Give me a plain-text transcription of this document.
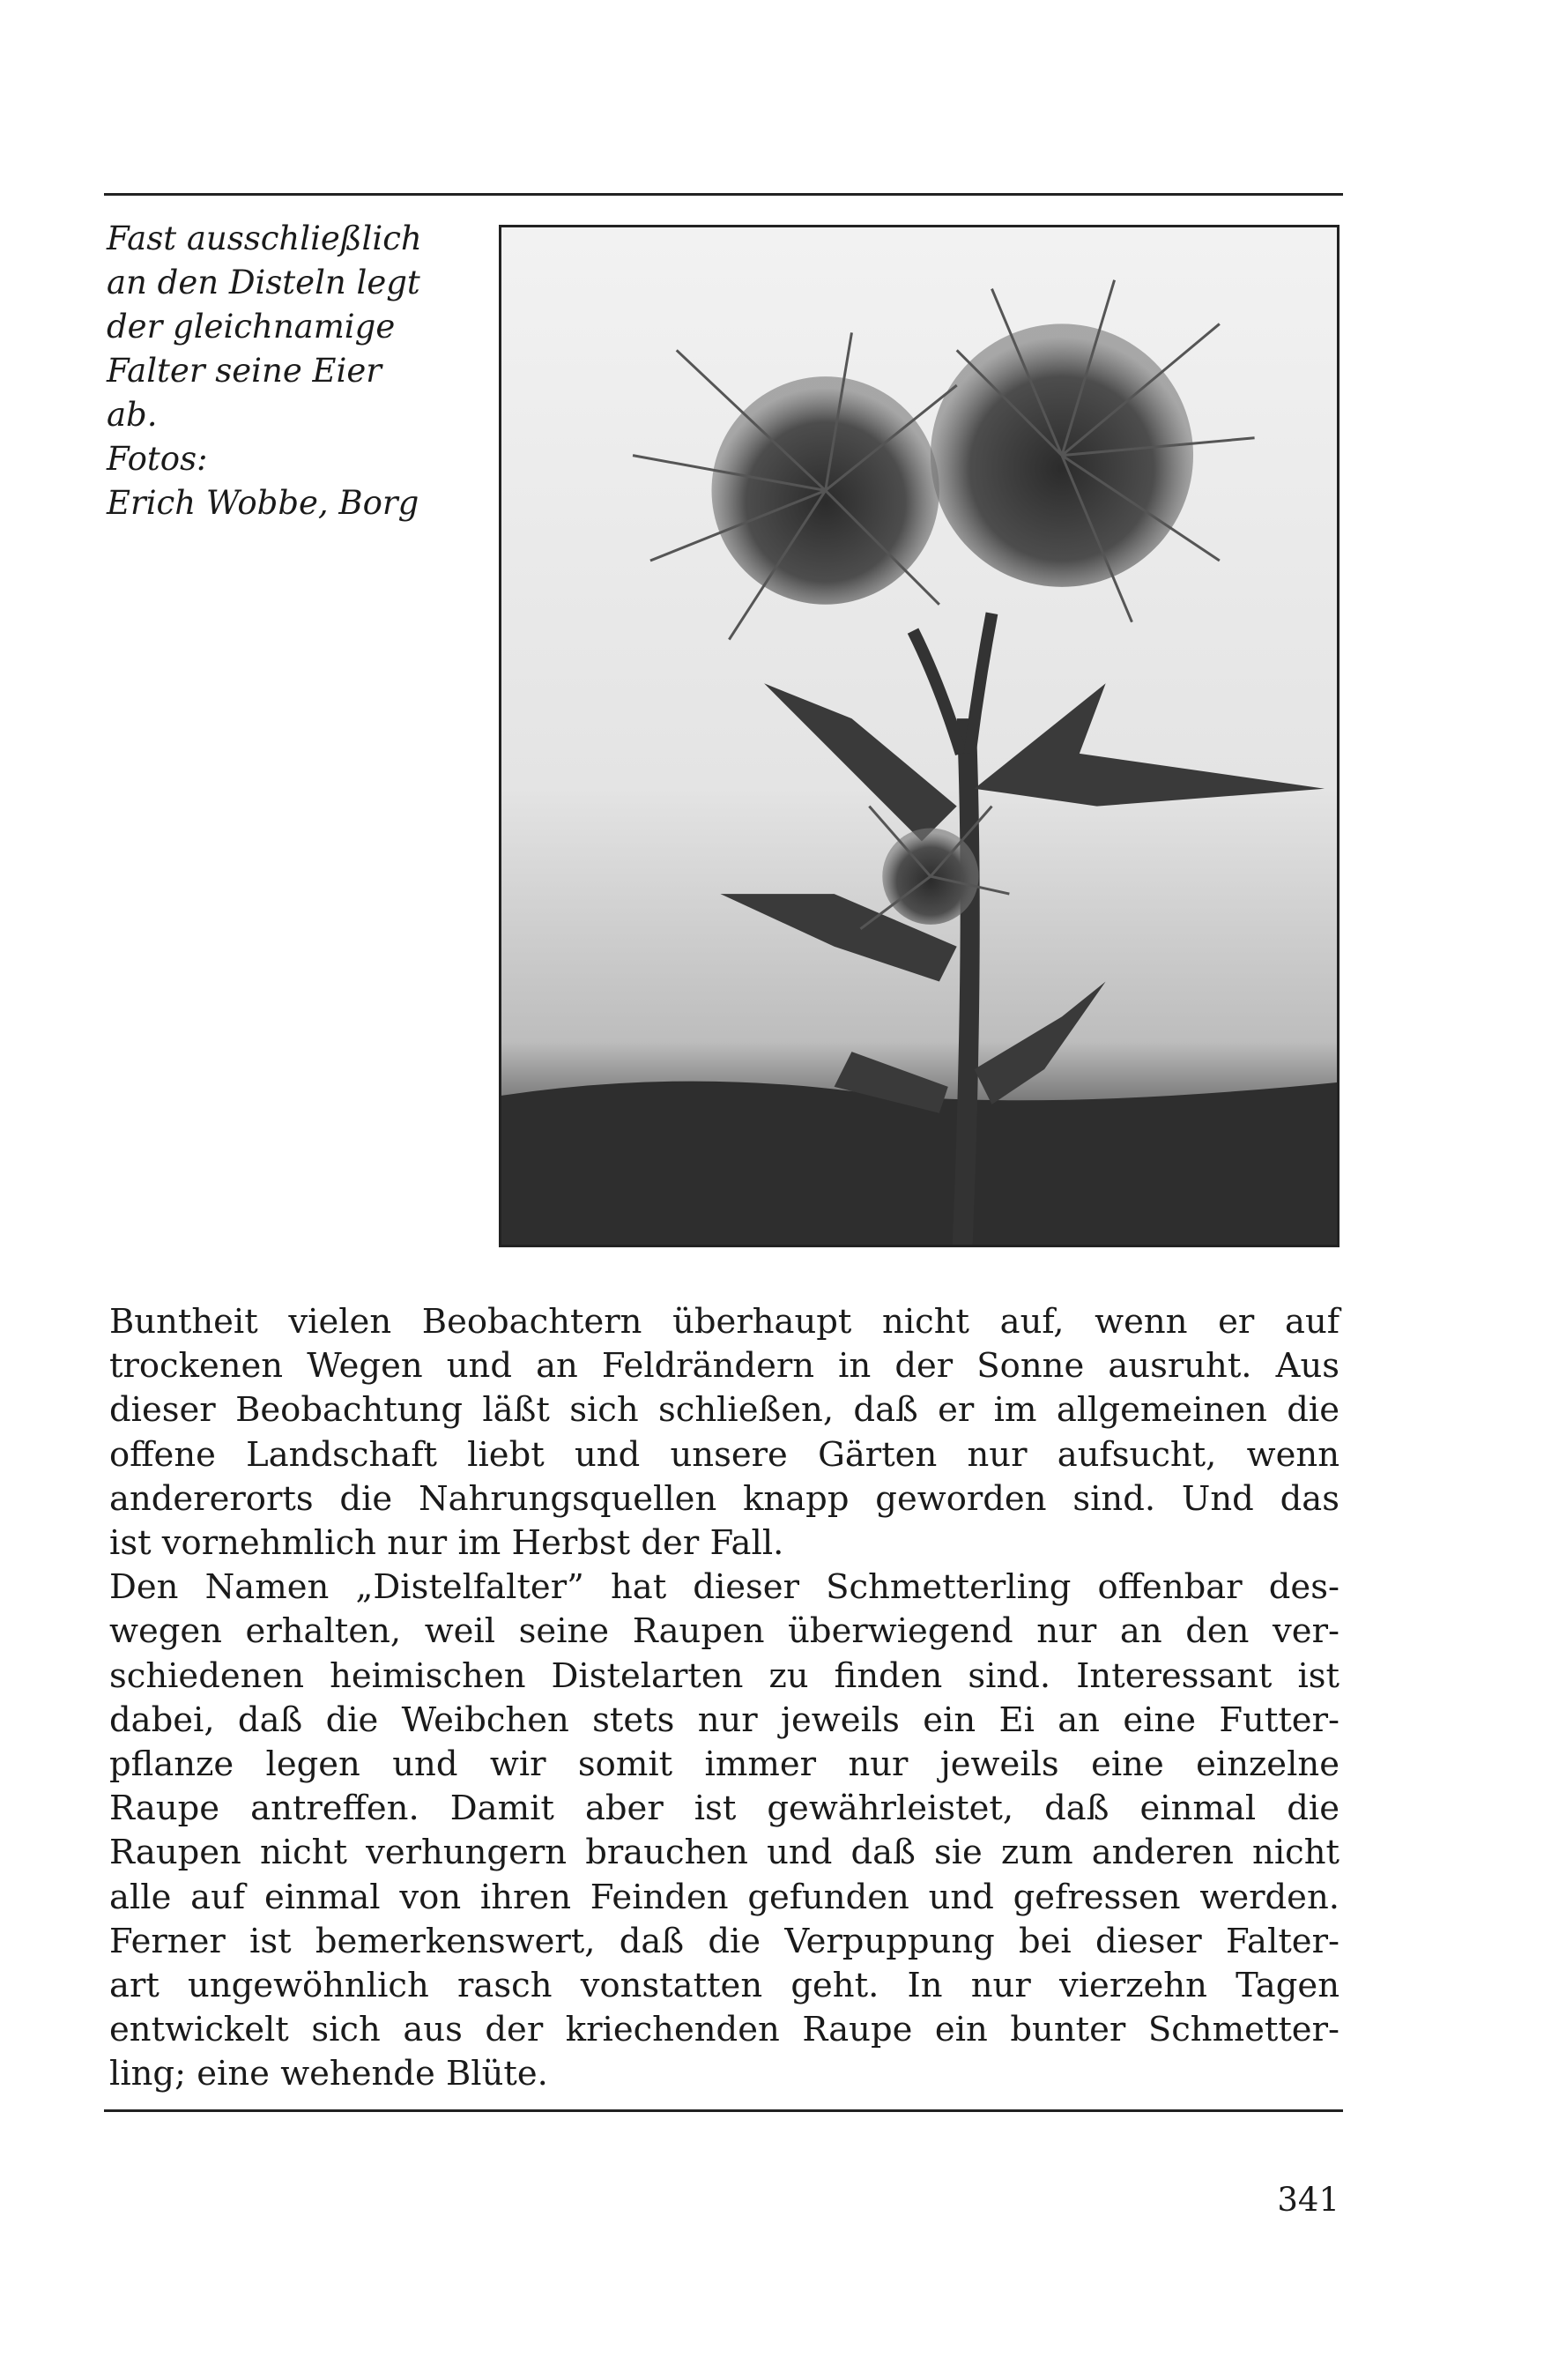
Fast ausschließlich
an den Disteln legt
der gleichnamige
Falter seine Eier
ab.
Fotos:
Erich Wobbe, Borg
Buntheit vielen Beobachtern überhaupt nicht auf, wenn er auf
trockenen Wegen und an Feldrändern in der Sonne ausruht. Aus
dieser Beobachtung läßt sich schließen, daß er im allgemeinen die
offene Landschaft liebt und unsere Gärten nur aufsucht, wenn
andererorts die Nahrungsquellen knapp geworden sind. Und das
ist vornehmlich nur im Herbst der Fall.
Den Namen „Distelfalter” hat dieser Schmetterling offenbar des-
wegen erhalten, weil seine Raupen überwiegend nur an den ver-
schiedenen heimischen Distelarten zu finden sind. Interessant ist
dabei, daß die Weibchen stets nur jeweils ein Ei an eine Futter-
pflanze legen und wir somit immer nur jeweils eine einzelne
Raupe antreffen. Damit aber ist gewährleistet, daß einmal die
Raupen nicht verhungern brauchen und daß sie zum anderen nicht
alle auf einmal von ihren Feinden gefunden und gefressen werden.
Ferner ist bemerkenswert, daß die Verpuppung bei dieser Falter-
art ungewöhnlich rasch vonstatten geht. In nur vierzehn Tagen
entwickelt sich aus der kriechenden Raupe ein bunter Schmetter-
ling; eine wehende Blüte.
341
